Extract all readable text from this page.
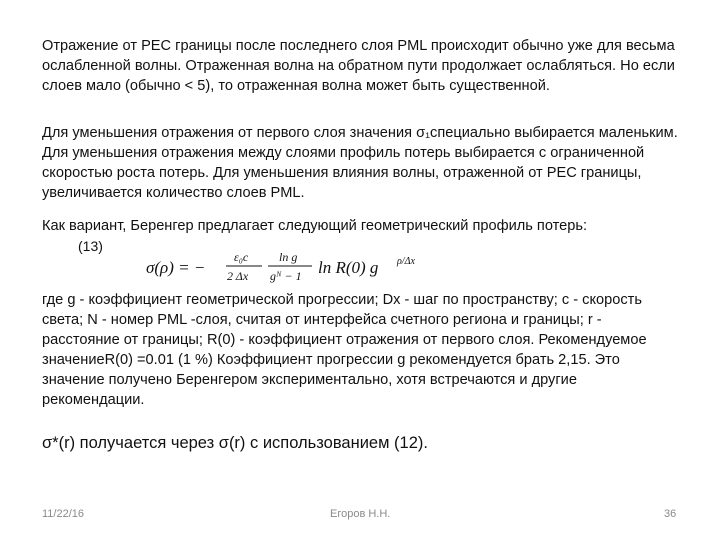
Отражение от PEC границы после последнего слоя PML происходит обычно уже для весьма ослабленной волны. Отраженная волна на обратном пути продолжает ослабляться. Но если слоев мало (обычно < 5), то отраженная волна может быть существенной.

Для уменьшения отражения от первого слоя значения σ₁специально выбирается маленьким. Для уменьшения отражения между слоями профиль потерь выбирается с ограниченной скоростью роста потерь. Для уменьшения влияния волны, отраженной от PEC границы, увеличивается количество слоев PML.

Как вариант, Беренгер предлагает следующий геометрический профиль потерь:

(13)
σ(ρ) = −
ε₀c
2 Δx
ln g
gᴺ − 1 ln R(0) g ρ/Δx

где g - коэффициент геометрической прогрессии; Dx - шаг по пространству; c - скорость света; N - номер PML -слоя, считая от интерфейса счетного региона и границы; r - расстояние от границы; R(0) - коэффициент отражения от первого слоя. Рекомендуемое значениеR(0) =0.01 (1 %) Коэффициент прогрессии g рекомендуется брать 2,15. Это значение получено Беренгером экспериментально, хотя встречаются и другие рекомендации.

σ*(r) получается через σ(r) с использованием (12).

11/22/16	Егоров Н.Н.	36
